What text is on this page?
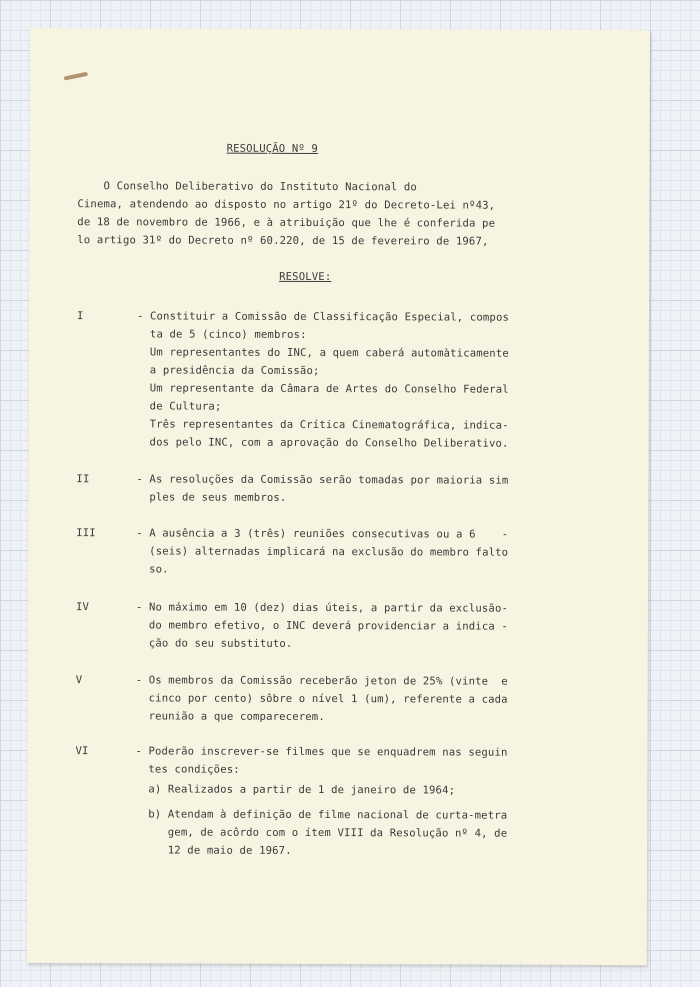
RESOLUÇÃO Nº 9
O Conselho Deliberativo do Instituto Nacional do
Cinema, atendendo ao disposto no artigo 21º do Decreto-Lei nº43,
de 18 de novembro de 1966, e à atribuição que lhe é conferida pe
lo artigo 31º do Decreto nº 60.220, de 15 de fevereiro de 1967,
RESOLVE:

I

	-

Constituir a Comissão de Classificação Especial, compos
ta de 5 (cinco) membros:
Um representantes do INC, a quem caberá automàticamente
a presidência da Comissão;
Um representante da Câmara de Artes do Conselho Federal
de Cultura;
Três representantes da Crítica Cinematográfica, indica-
dos pelo INC, com a aprovação do Conselho Deliberativo.

II

	-

As resoluções da Comissão serão tomadas por maioria sim
ples de seus membros.

III

	-

A ausência a 3 (três) reuniões consecutivas ou a 6    -
(seis) alternadas implicará na exclusão do membro falto
so.

IV

	-

No máximo em 10 (dez) dias úteis, a partir da exclusão-
do membro efetivo, o INC deverá providenciar a indica -
ção do seu substituto.

V

	-

Os membros da Comissão receberão jeton de 25% (vinte  e
cinco por cento) sôbre o nível 1 (um), referente a cada
reunião a que comparecerem.

VI

	-

Poderão inscrever-se filmes que se enquadrem nas seguin
tes condições:

a) Realizados a partir de 1 de janeiro de 1964;
b) Atendam à definição de filme nacional de curta-metra
gem, de acôrdo com o ítem VIII da Resolução nº 4, de
12 de maio de 1967.
